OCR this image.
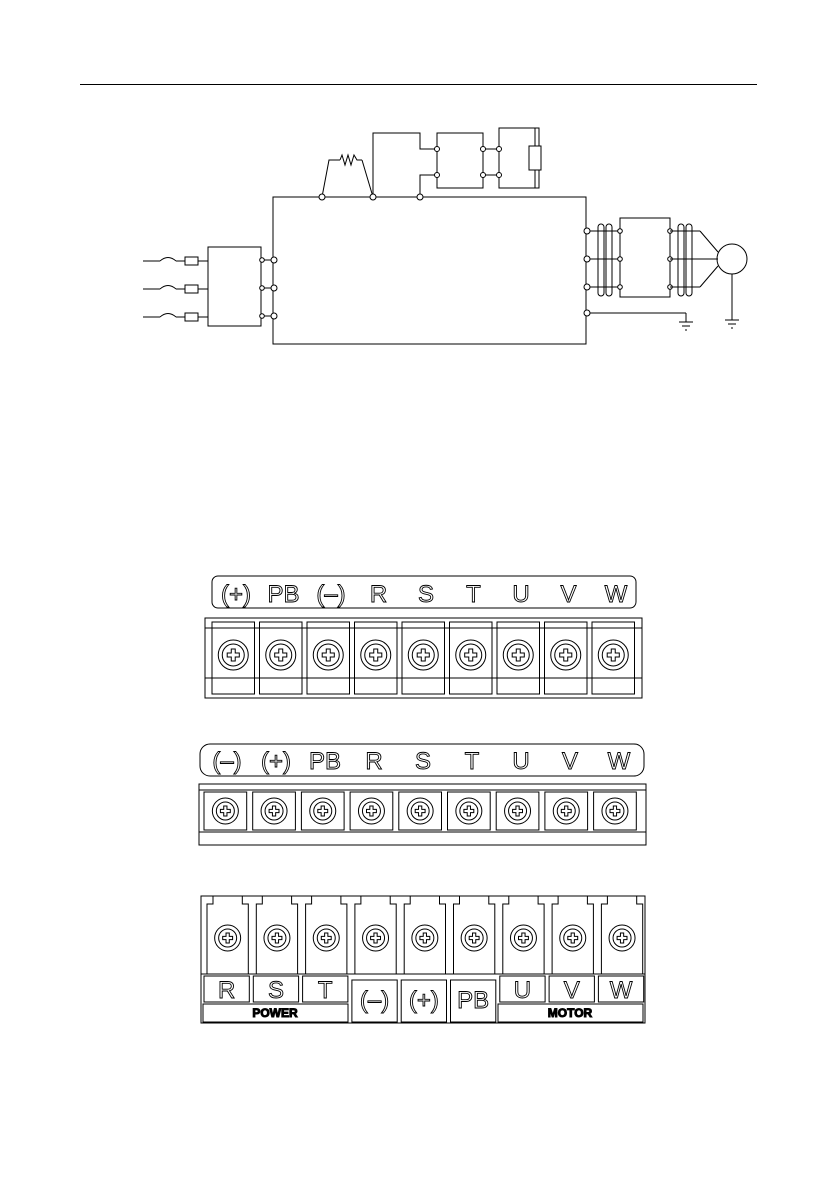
(+) PB (–) R S T U V W
(–) (+) PB R S T U V W
R S T (–) (+) PB U V W
POWER	MOTOR
